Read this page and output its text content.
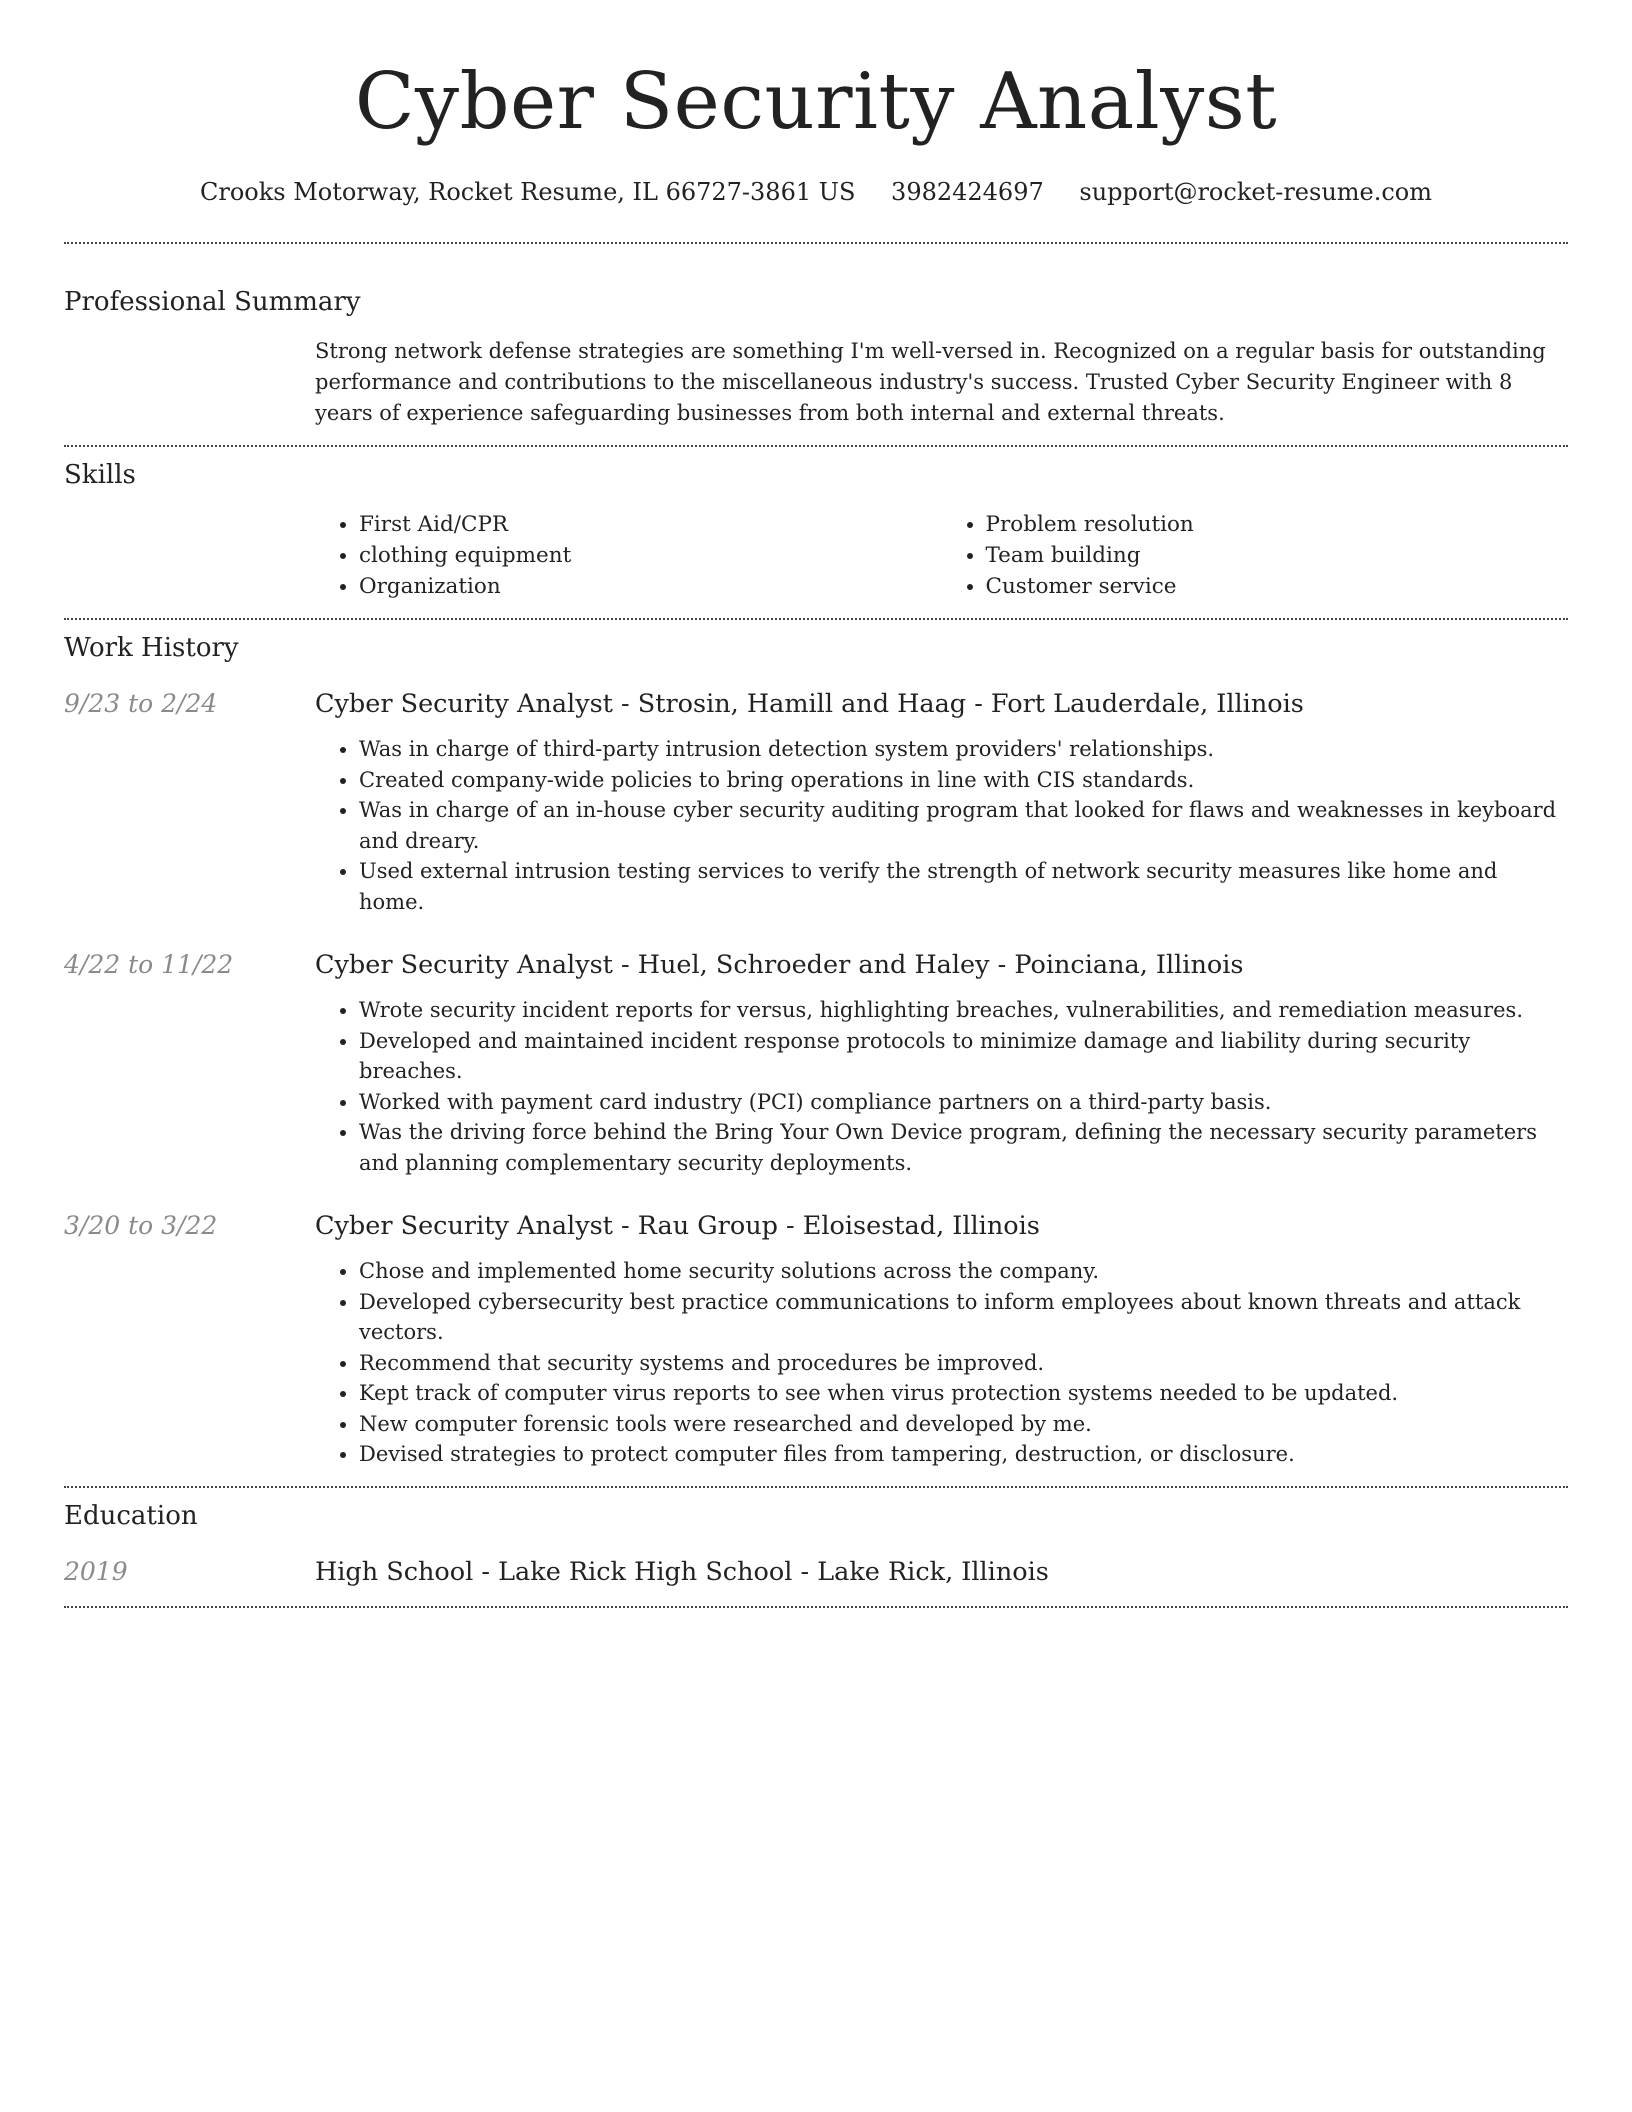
Cyber Security Analyst
Crooks Motorway, Rocket Resume, IL 66727-3861 US 3982424697 support@rocket-resume.com
Professional Summary

Strong network defense strategies are something I'm well-versed in. Recognized on a regular basis for outstanding performance and contributions to the miscellaneous industry's success. Trusted Cyber Security Engineer with 8 years of experience safeguarding businesses from both internal and external threats.

Skills
• First Aid/CPR
• clothing equipment
• Organization
• Problem resolution
• Team building
• Customer service
Work History
9/23 to 2/24	Cyber Security Analyst - Strosin, Hamill and Haag - Fort Lauderdale, Illinois
• Was in charge of third-party intrusion detection system providers' relationships.
• Created company-wide policies to bring operations in line with CIS standards.
• Was in charge of an in-house cyber security auditing program that looked for flaws and weaknesses in keyboard and dreary.
• Used external intrusion testing services to verify the strength of network security measures like home and home.
4/22 to 11/22	Cyber Security Analyst - Huel, Schroeder and Haley - Poinciana, Illinois
• Wrote security incident reports for versus, highlighting breaches, vulnerabilities, and remediation measures.
• Developed and maintained incident response protocols to minimize damage and liability during security breaches.
• Worked with payment card industry (PCI) compliance partners on a third-party basis.
• Was the driving force behind the Bring Your Own Device program, defining the necessary security parameters and planning complementary security deployments.
3/20 to 3/22	Cyber Security Analyst - Rau Group - Eloisestad, Illinois
• Chose and implemented home security solutions across the company.
• Developed cybersecurity best practice communications to inform employees about known threats and attack vectors.
• Recommend that security systems and procedures be improved.
• Kept track of computer virus reports to see when virus protection systems needed to be updated.
• New computer forensic tools were researched and developed by me.
• Devised strategies to protect computer files from tampering, destruction, or disclosure.
Education
2019	High School - Lake Rick High School - Lake Rick, Illinois
